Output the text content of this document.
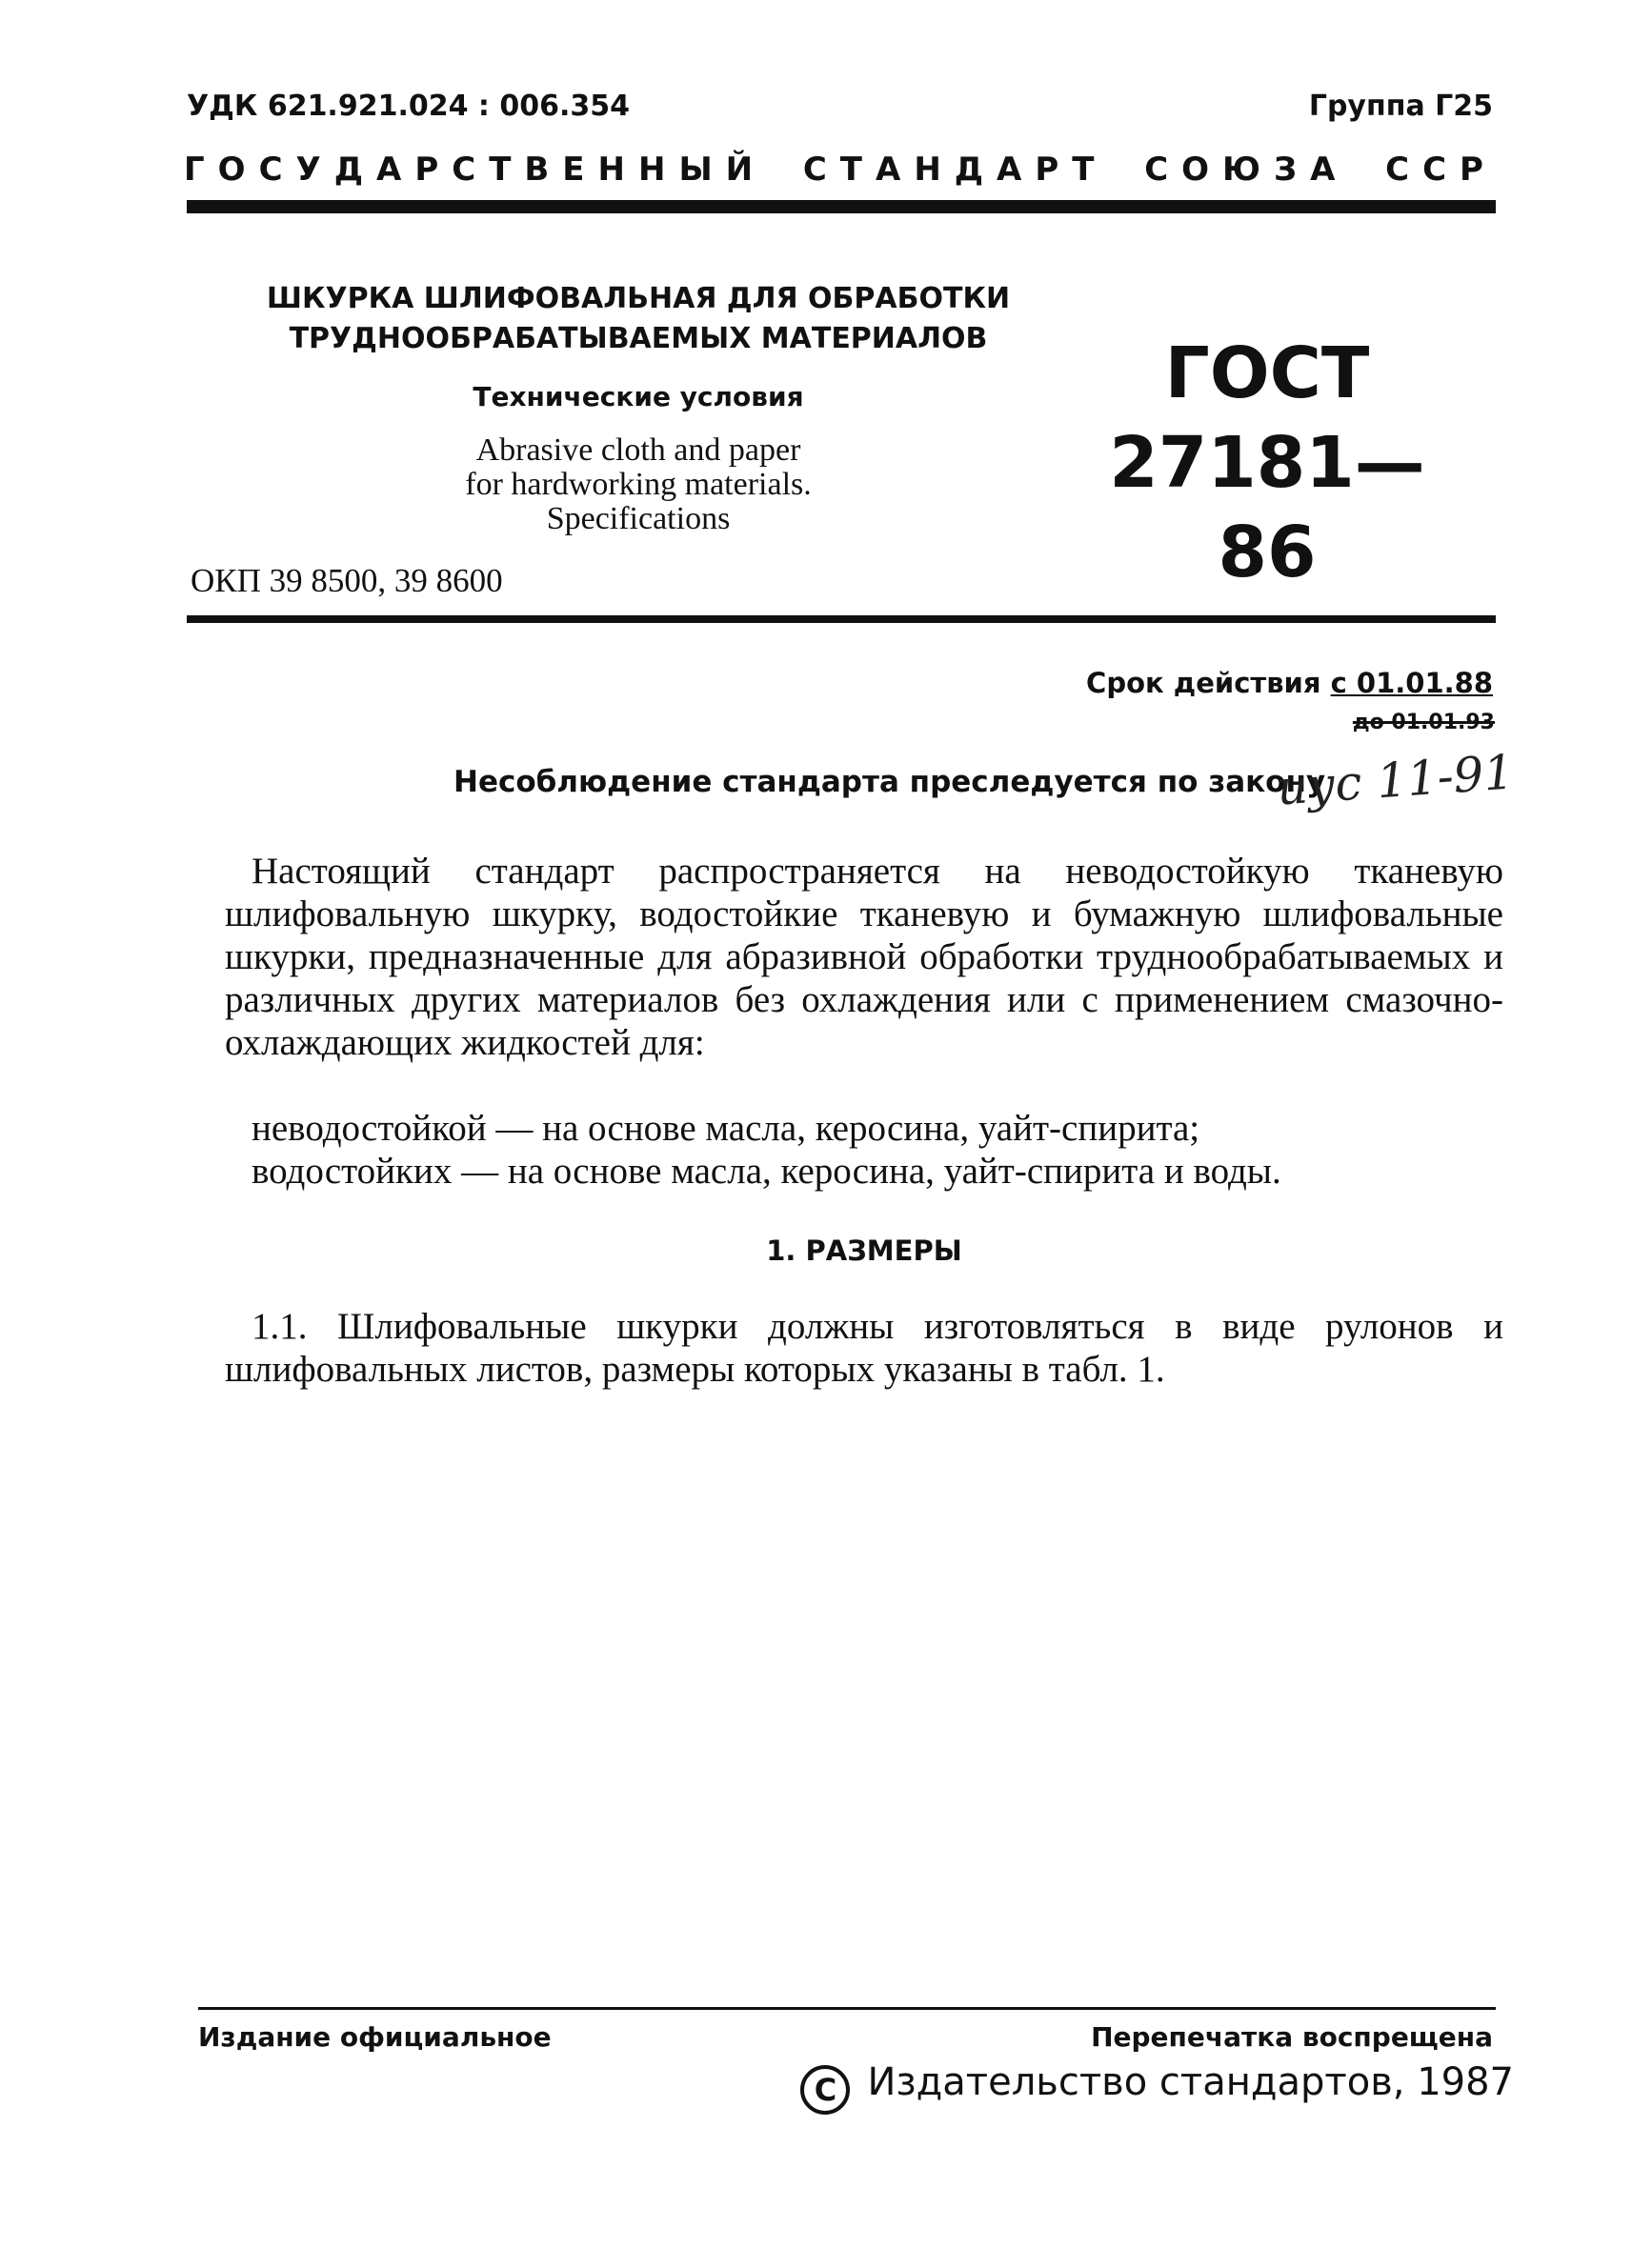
УДК 621.921.024 : 006.354	Группа Г25
ГОСУДАРСТВЕННЫЙ СТАНДАРТ СОЮЗА ССР
ШКУРКА ШЛИФОВАЛЬНАЯ ДЛЯ ОБРАБОТКИ
ТРУДНООБРАБАТЫВАЕМЫХ МАТЕРИАЛОВ
Технические условия
Abrasive cloth and paper
for hardworking materials.
Specifications
ГОСТ
27181—86
ОКП 39 8500, 39 8600
Срок действия с 01.01.88
до 01.01.93
Несоблюдение стандарта преследуется по закону
иус 11-91

Настоящий стандарт распространяется на неводостойкую тканевую шлифовальную шкурку, водостойкие тканевую и бумажную шлифовальные шкурки, предназначенные для абразивной обработки труднообрабатываемых и различных других материалов без охлаждения или с применением смазочно-охлаждающих жидкостей для:

неводостойкой — на основе масла, керосина, уайт-спирита;
водостойких — на основе масла, керосина, уайт-спирита и воды.
1. РАЗМЕРЫ

1.1. Шлифовальные шкурки должны изготовляться в виде рулонов и шлифовальных листов, размеры которых указаны в табл. 1.

Издание официальное	Перепечатка воспрещена
C Издательство стандартов, 1987
